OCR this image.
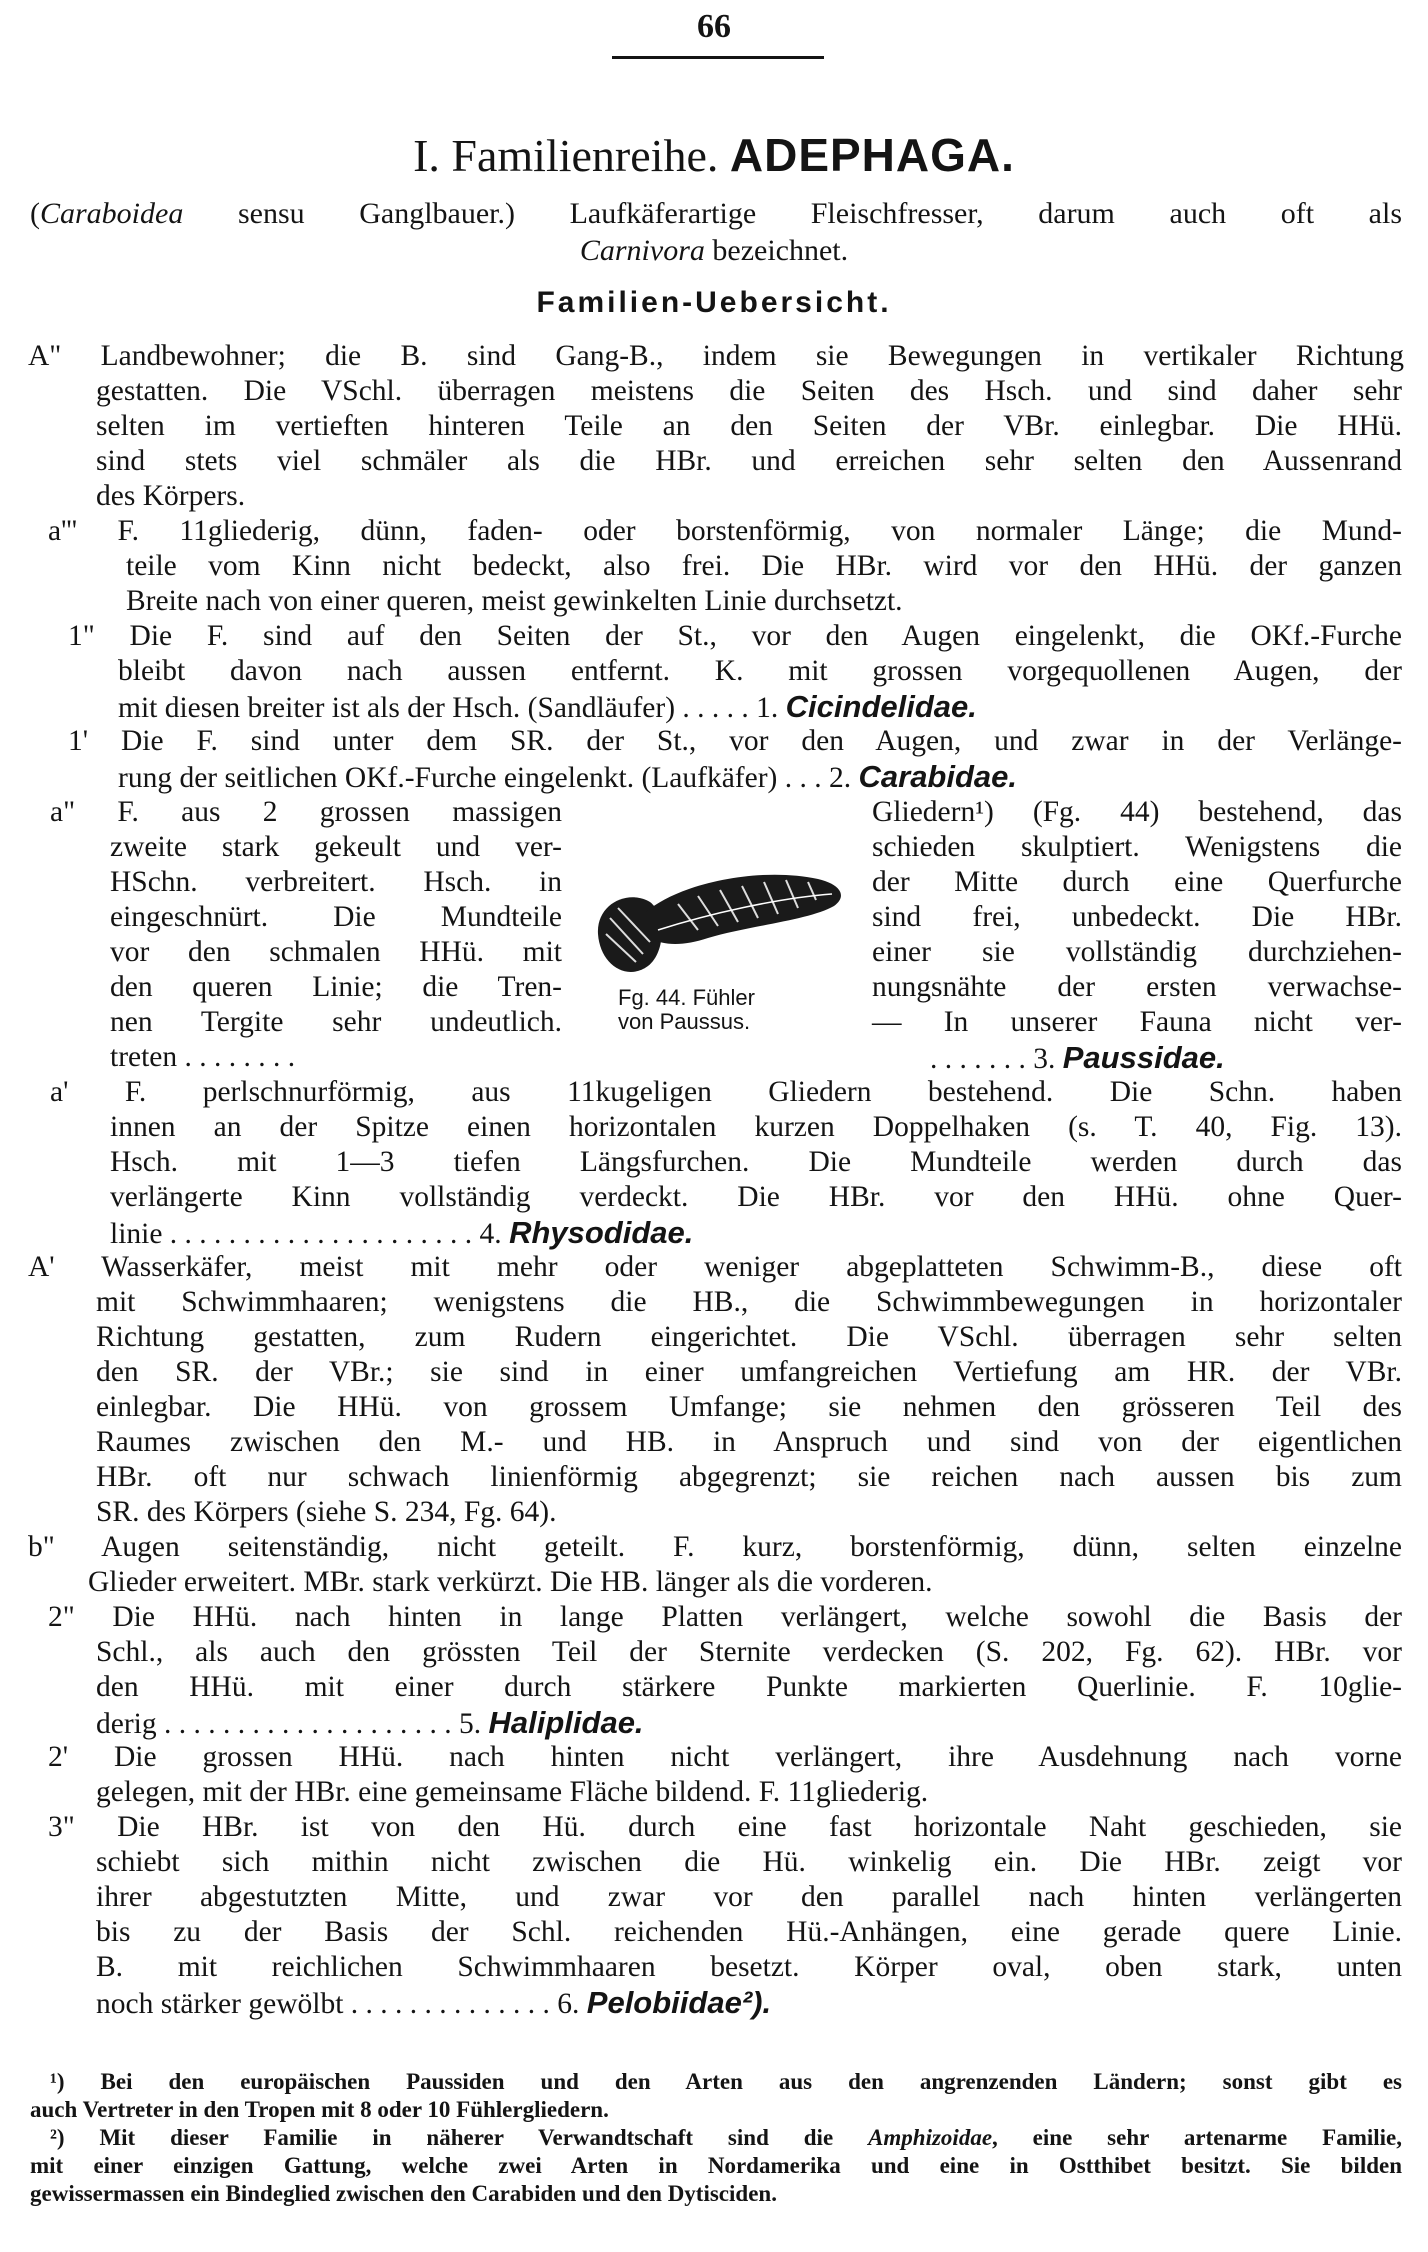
66
I. Familienreihe. ADEPHAGA.
(Caraboidea sensu Ganglbauer.) Laufkäferartige Fleischfresser, darum auch oft als
Carnivora bezeichnet.
Familien-Uebersicht.
A" Landbewohner; die B. sind Gang-B., indem sie Bewegungen in vertikaler Richtung
gestatten. Die VSchl. überragen meistens die Seiten des Hsch. und sind daher sehr
selten im vertieften hinteren Teile an den Seiten der VBr. einlegbar. Die HHü.
sind stets viel schmäler als die HBr. und erreichen sehr selten den Aussenrand
des Körpers.
a''' F. 11gliederig, dünn, faden- oder borstenförmig, von normaler Länge; die Mund-
teile vom Kinn nicht bedeckt, also frei. Die HBr. wird vor den HHü. der ganzen
Breite nach von einer queren, meist gewinkelten Linie durchsetzt.
1" Die F. sind auf den Seiten der St., vor den Augen eingelenkt, die OKf.-Furche
bleibt davon nach aussen entfernt. K. mit grossen vorgequollenen Augen, der
mit diesen breiter ist als der Hsch. (Sandläufer) . . . . . 1. Cicindelidae.
1' Die F. sind unter dem SR. der St., vor den Augen, und zwar in der Verlänge-
rung der seitlichen OKf.-Furche eingelenkt. (Laufkäfer) . . . 2. Carabidae.
a" F. aus 2 grossen massigen
zweite stark gekeult und ver-
HSchn. verbreitert. Hsch. in
eingeschnürt. Die Mundteile
vor den schmalen HHü. mit
den queren Linie; die Tren-
nen Tergite sehr undeutlich.
Gliedern¹) (Fg. 44) bestehend, das
schieden skulptiert. Wenigstens die
der Mitte durch eine Querfurche
sind frei, unbedeckt. Die HBr.
einer sie vollständig durchziehen-
nungsnähte der ersten verwachse-
— In unserer Fauna nicht ver-
Fg. 44. Fühler
von Paussus.
treten . . . . . . . .	. . . . . . . 3. Paussidae.
a' F. perlschnurförmig, aus 11kugeligen Gliedern bestehend. Die Schn. haben
innen an der Spitze einen horizontalen kurzen Doppelhaken (s. T. 40, Fig. 13).
Hsch. mit 1—3 tiefen Längsfurchen. Die Mundteile werden durch das
verlängerte Kinn vollständig verdeckt. Die HBr. vor den HHü. ohne Quer-
linie . . . . . . . . . . . . . . . . . . . . . 4. Rhysodidae.
A' Wasserkäfer, meist mit mehr oder weniger abgeplatteten Schwimm-B., diese oft
mit Schwimmhaaren; wenigstens die HB., die Schwimmbewegungen in horizontaler
Richtung gestatten, zum Rudern eingerichtet. Die VSchl. überragen sehr selten
den SR. der VBr.; sie sind in einer umfangreichen Vertiefung am HR. der VBr.
einlegbar. Die HHü. von grossem Umfange; sie nehmen den grösseren Teil des
Raumes zwischen den M.- und HB. in Anspruch und sind von der eigentlichen
HBr. oft nur schwach linienförmig abgegrenzt; sie reichen nach aussen bis zum
SR. des Körpers (siehe S. 234, Fg. 64).
b" Augen seitenständig, nicht geteilt. F. kurz, borstenförmig, dünn, selten einzelne
Glieder erweitert. MBr. stark verkürzt. Die HB. länger als die vorderen.
2" Die HHü. nach hinten in lange Platten verlängert, welche sowohl die Basis der
Schl., als auch den grössten Teil der Sternite verdecken (S. 202, Fg. 62). HBr. vor
den HHü. mit einer durch stärkere Punkte markierten Querlinie. F. 10glie-
derig . . . . . . . . . . . . . . . . . . . . 5. Haliplidae.
2' Die grossen HHü. nach hinten nicht verlängert, ihre Ausdehnung nach vorne
gelegen, mit der HBr. eine gemeinsame Fläche bildend. F. 11gliederig.
3" Die HBr. ist von den Hü. durch eine fast horizontale Naht geschieden, sie
schiebt sich mithin nicht zwischen die Hü. winkelig ein. Die HBr. zeigt vor
ihrer abgestutzten Mitte, und zwar vor den parallel nach hinten verlängerten
bis zu der Basis der Schl. reichenden Hü.-Anhängen, eine gerade quere Linie.
B. mit reichlichen Schwimmhaaren besetzt. Körper oval, oben stark, unten
noch stärker gewölbt . . . . . . . . . . . . . . 6. Pelobiidae²).
¹) Bei den europäischen Paussiden und den Arten aus den angrenzenden Ländern; sonst gibt es
auch Vertreter in den Tropen mit 8 oder 10 Fühlergliedern.
²) Mit dieser Familie in näherer Verwandtschaft sind die Amphizoidae, eine sehr artenarme Familie,
mit einer einzigen Gattung, welche zwei Arten in Nordamerika und eine in Ostthibet besitzt. Sie bilden
gewissermassen ein Bindeglied zwischen den Carabiden und den Dytisciden.
